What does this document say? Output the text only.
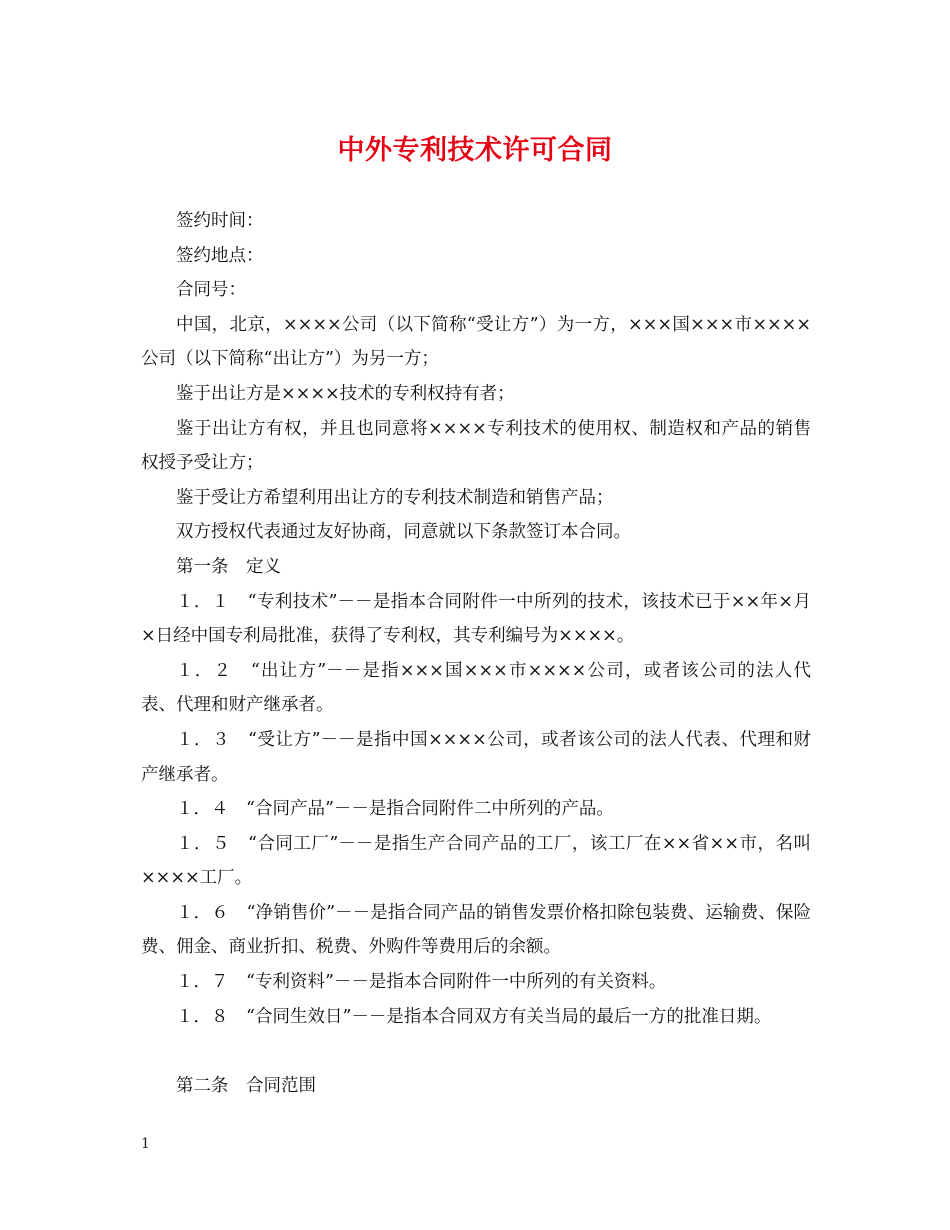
中外专利技术许可合同

签约时间：

签约地点：

合同号：

中国，北京，××××公司（以下简称“受让方”）为一方，×××国×××市××××公司（以下简称“出让方”）为另一方；

鉴于出让方是××××技术的专利权持有者；

鉴于出让方有权，并且也同意将××××专利技术的使用权、制造权和产品的销售权授予受让方；

鉴于受让方希望利用出让方的专利技术制造和销售产品；

双方授权代表通过友好协商，同意就以下条款签订本合同。

第一条　定义

１．１　“专利技术”－－是指本合同附件一中所列的技术，该技术已于××年×月×日经中国专利局批准，获得了专利权，其专利编号为××××。

１．２　“出让方”－－是指×××国×××市××××公司，或者该公司的法人代表、代理和财产继承者。

１．３　“受让方”－－是指中国××××公司，或者该公司的法人代表、代理和财产继承者。

１．４　“合同产品”－－是指合同附件二中所列的产品。

１．５　“合同工厂”－－是指生产合同产品的工厂，该工厂在××省××市，名叫××××工厂。

１．６　“净销售价”－－是指合同产品的销售发票价格扣除包装费、运输费、保险费、佣金、商业折扣、税费、外购件等费用后的余额。

１．７　“专利资料”－－是指本合同附件一中所列的有关资料。

１．８　“合同生效日”－－是指本合同双方有关当局的最后一方的批准日期。

第二条　合同范围

1
